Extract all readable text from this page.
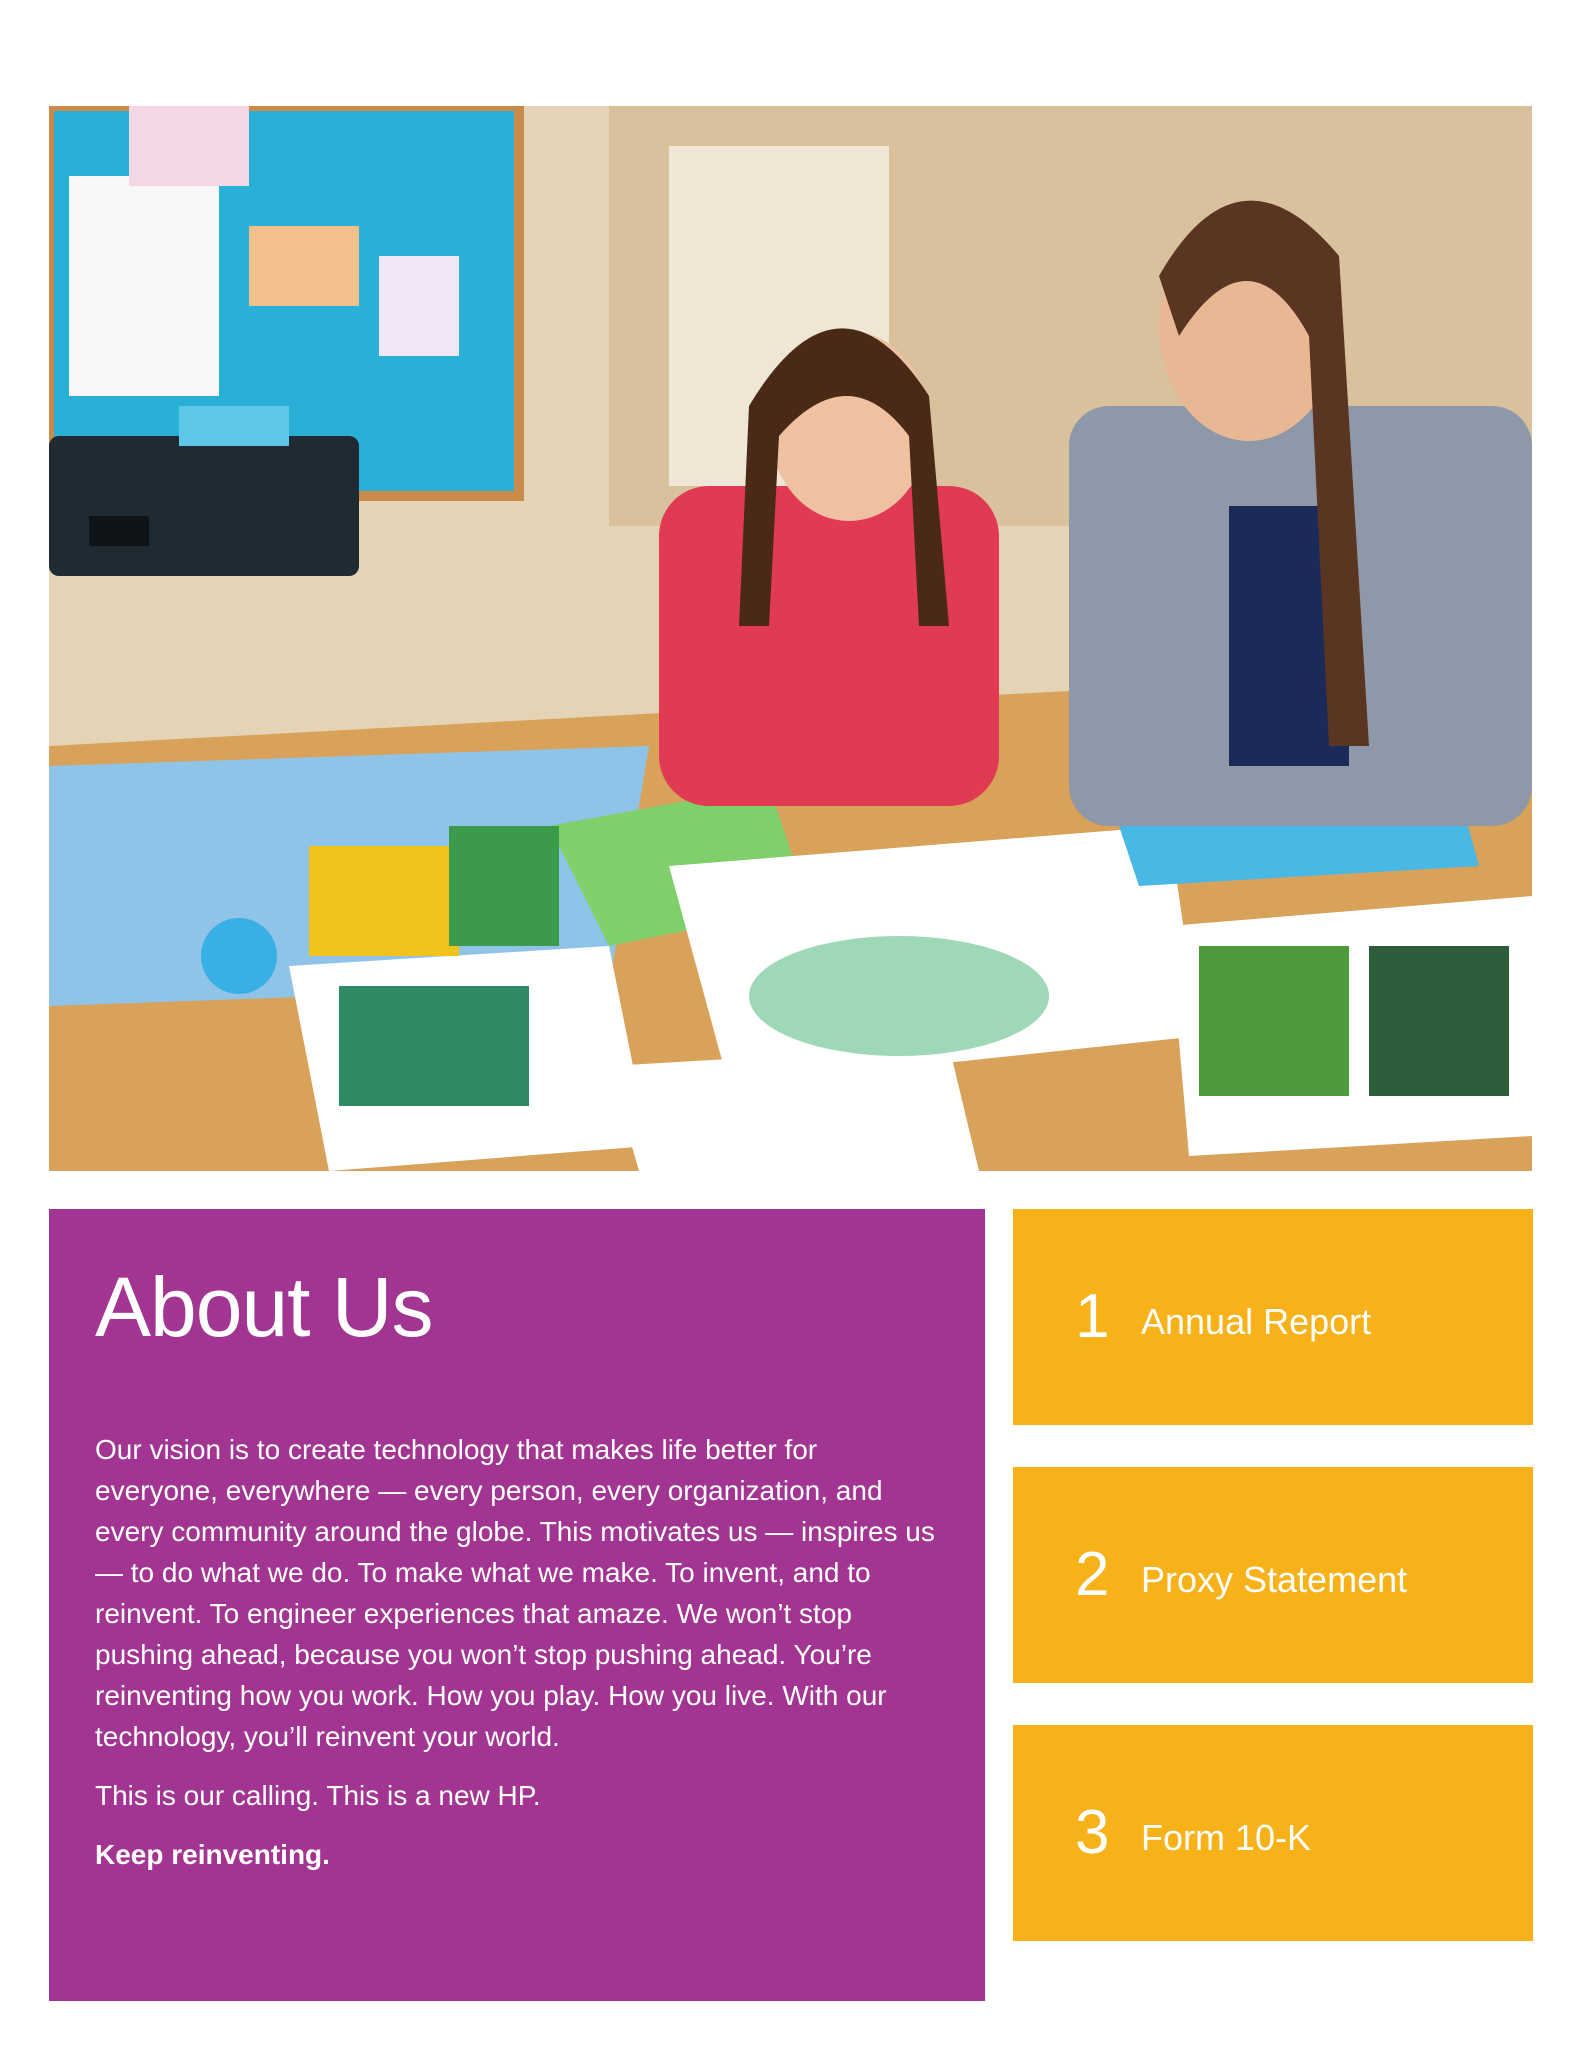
About Us

Our vision is to create technology that makes life better for everyone, everywhere — every person, every organization, and every community around the globe. This motivates us — inspires us — to do what we do. To make what we make. To invent, and to reinvent. To engineer experiences that amaze. We won’t stop pushing ahead, because you won’t stop pushing ahead. You’re reinventing how you work. How you play. How you live. With our technology, you’ll reinvent your world.

This is our calling. This is a new HP.

Keep reinventing.

1 Annual Report
2 Proxy Statement
3 Form 10-K
